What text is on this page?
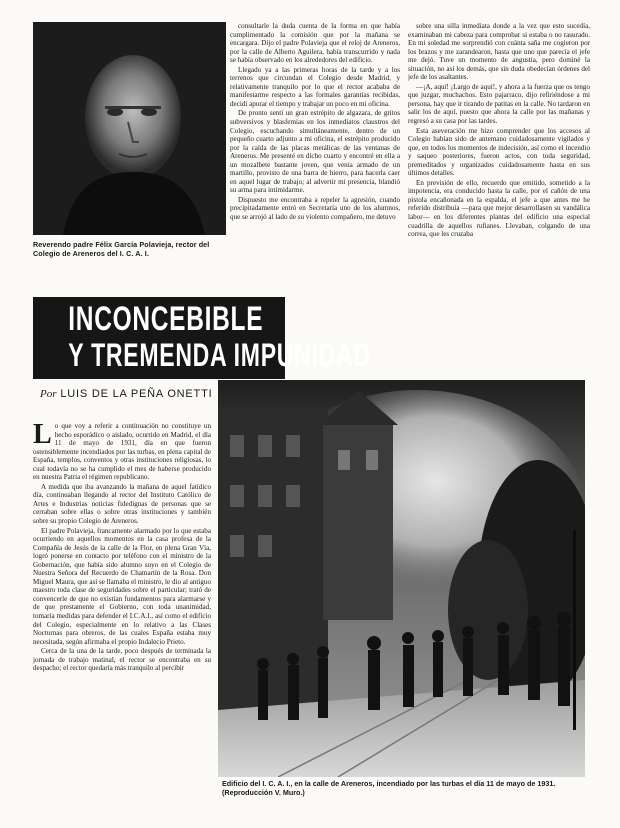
Reverendo padre Félix García Polavieja, rector del Colegio de Areneros del I. C. A. I.

consultarle la duda cuenta de la forma en que había cumplimentado la comisión que por la mañana se encargara. Dijo el padre Polavieja que el reloj de Areneros, por la calle de Alberto Aguilera, había transcurrido y nada se había observado en los alrededores del edificio.

Llegado ya a las primeras horas de la tarde y a los terrenos que circundan el Colegio desde Madrid, y relativamente tranquilo por lo que el rector acababa de manifestarme respecto a las formales garantías recibidas, decidí apurar el tiempo y trabajar un poco en mi oficina.

De pronto sentí un gran estrépito de algazara, de gritos subversivos y blasfemias en los inmediatos claustros del Colegio, escuchando simultáneamente, dentro de un pequeño cuarto adjunto a mi oficina, el estrépito producido por la caída de las placas metálicas de las ventanas de Areneros. Me presenté en dicho cuarto y encontré en ella a un mozalbete bastante joven, que venía armado de un martillo, provisto de una barra de hierro, para hacerla caer en aquel lugar de trabajo; al advertir mi presencia, blandió su arma para intimidarme.

Dispuesto me encontraba a repeler la agresión, cuando precipitadamente entró en Secretaría uno de los alumnos, que se arrojó al lado de su violento compañero, me detuvo

sobre una silla inmediata donde a la vez que esto sucedía, examinaban mi cabeza para comprobar si estaba o no rasurado. En mi soledad me sorprendió con cuánta saña me cogieron por los brazos y me zarandearon, hasta que uno que parecía el jefe me dejó. Tuve un momento de angustia, pero dominé la situación, no así los demás, que sin duda obedecían órdenes del jefe de los asaltantes.

—¡A, aquí! ¡Largo de aquí!, y ahora a la fuerza que os tengo que juzgar, muchachos. Esto pajarraco, dijo refiriéndose a mi persona, hay que ir tirando de patitas en la calle. No tardaron en salir los de aquí, puesto que ahora la calle por las mañanas y regresó a su casa por las tardes.

Esta aseveración me hizo comprender que los accesos al Colegio habían sido de antemano cuidadosamente vigilados y que, en todos los momentos de indecisión, así como el incendio y saqueo posteriores, fueron actos, con toda seguridad, premeditados y organizados cuidadosamente hasta en sus últimos detalles.

En previsión de ello, recuerdo que emitido, sometido a la impotencia, era conducido hasta la calle, por el cañón de una pistola encañonada en la espalda, el jefe a que antes me he referido distribuía —para que mejor desarrollasen su vandálica labor— en los diferentes plantas del edificio una especial cuadrilla de aquellos rufianes. Llevaban, colgando de una correa, que les cruzaba

INCONCEBIBLE
Y TREMENDA IMPUNIDAD
Por LUIS DE LA PEÑA ONETTI

Lo que voy a referir a continuación no constituye un hecho esporádico o aislado, ocurrido en Madrid, el día 11 de mayo de 1931, día en que fueron ostensiblemente incendiados por las turbas, en plena capital de España, templos, conventos y otras instituciones religiosas, lo cual todavía no se ha cumplido el mes de haberse producido en nuestra Patria el régimen republicano.

A medida que iba avanzando la mañana de aquel fatídico día, continuaban llegando al rector del Instituto Católico de Artes e Industrias noticias fidedignas de personas que se cerraban sobre ellas o sobre otras instituciones y también sobre su propio Colegio de Areneros.

El padre Polavieja, francamente alarmado por lo que estaba ocurriendo en aquellos momentos en la casa profesa de la Compañía de Jesús de la calle de la Flor, en plena Gran Vía, logró ponerse en contacto por teléfono con el ministro de la Gobernación, que había sido alumno suyo en el Colegio de Nuestra Señora del Recuerdo de Chamartín de la Rosa. Don Miguel Maura, que así se llamaba el ministro, le dio al antiguo maestro toda clase de seguridades sobre el particular; trató de convencerle de que no existían fundamentos para alarmarse y de que prestamente el Gobierno, con toda unanimidad, tomaría medidas para defender el I.C.A.I., así como el edificio del Colegio, especialmente en lo relativo a las Clases Nocturnas para obreros, de las cuales España estaba muy necesitada, según afirmaba el propio Indalecio Prieto.

Cerca de la una de la tarde, poco después de terminada la jornada de trabajo matinal, el rector se encontraba en su despacho; el rector quedaría más tranquilo al percibir

Edificio del I. C. A. I., en la calle de Areneros, incendiado por las turbas el día 11 de mayo de 1931. (Reproducción V. Muro.)
